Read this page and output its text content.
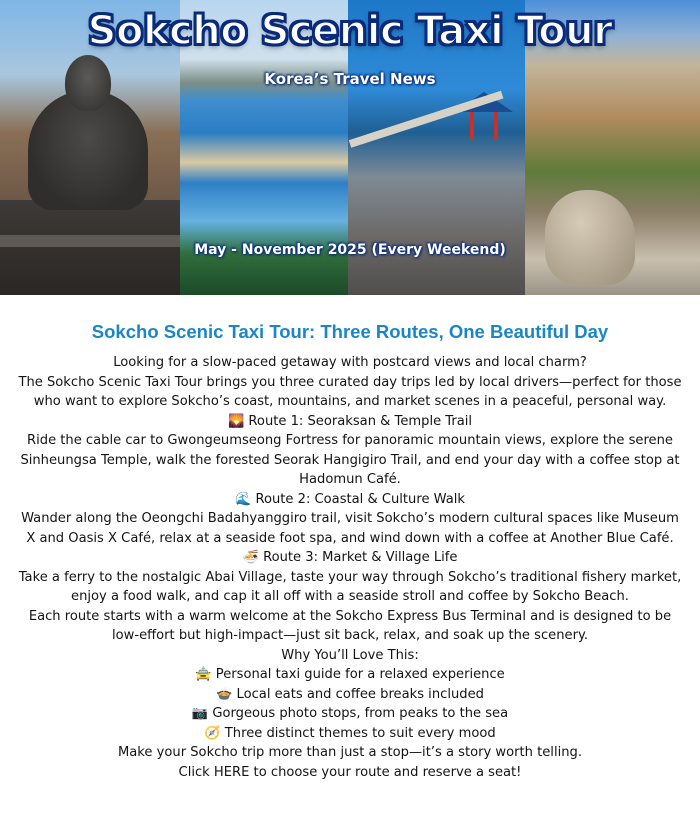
Sokcho Scenic Taxi Tour
Korea’s Travel News
May - November 2025 (Every Weekend)
Sokcho Scenic Taxi Tour: Three Routes, One Beautiful Day

Looking for a slow-paced getaway with postcard views and local charm?

The Sokcho Scenic Taxi Tour brings you three curated day trips led by local drivers—perfect for those who want to explore Sokcho’s coast, mountains, and market scenes in a peaceful, personal way.

🌄 Route 1: Seoraksan & Temple Trail

Ride the cable car to Gwongeumseong Fortress for panoramic mountain views, explore the serene Sinheungsa Temple, walk the forested Seorak Hangigiro Trail, and end your day with a coffee stop at Hadomun Café.

🌊 Route 2: Coastal & Culture Walk

Wander along the Oeongchi Badahyanggiro trail, visit Sokcho’s modern cultural spaces like Museum X and Oasis X Café, relax at a seaside foot spa, and wind down with a coffee at Another Blue Café.

🍜 Route 3: Market & Village Life

Take a ferry to the nostalgic Abai Village, taste your way through Sokcho’s traditional fishery market, enjoy a food walk, and cap it all off with a seaside stroll and coffee by Sokcho Beach.

Each route starts with a warm welcome at the Sokcho Express Bus Terminal and is designed to be low-effort but high-impact—just sit back, relax, and soak up the scenery.

Why You’ll Love This:

🚖 Personal taxi guide for a relaxed experience

🍲 Local eats and coffee breaks included

📷 Gorgeous photo stops, from peaks to the sea

🧭 Three distinct themes to suit every mood

Make your Sokcho trip more than just a stop—it’s a story worth telling.

Click HERE to choose your route and reserve a seat!
